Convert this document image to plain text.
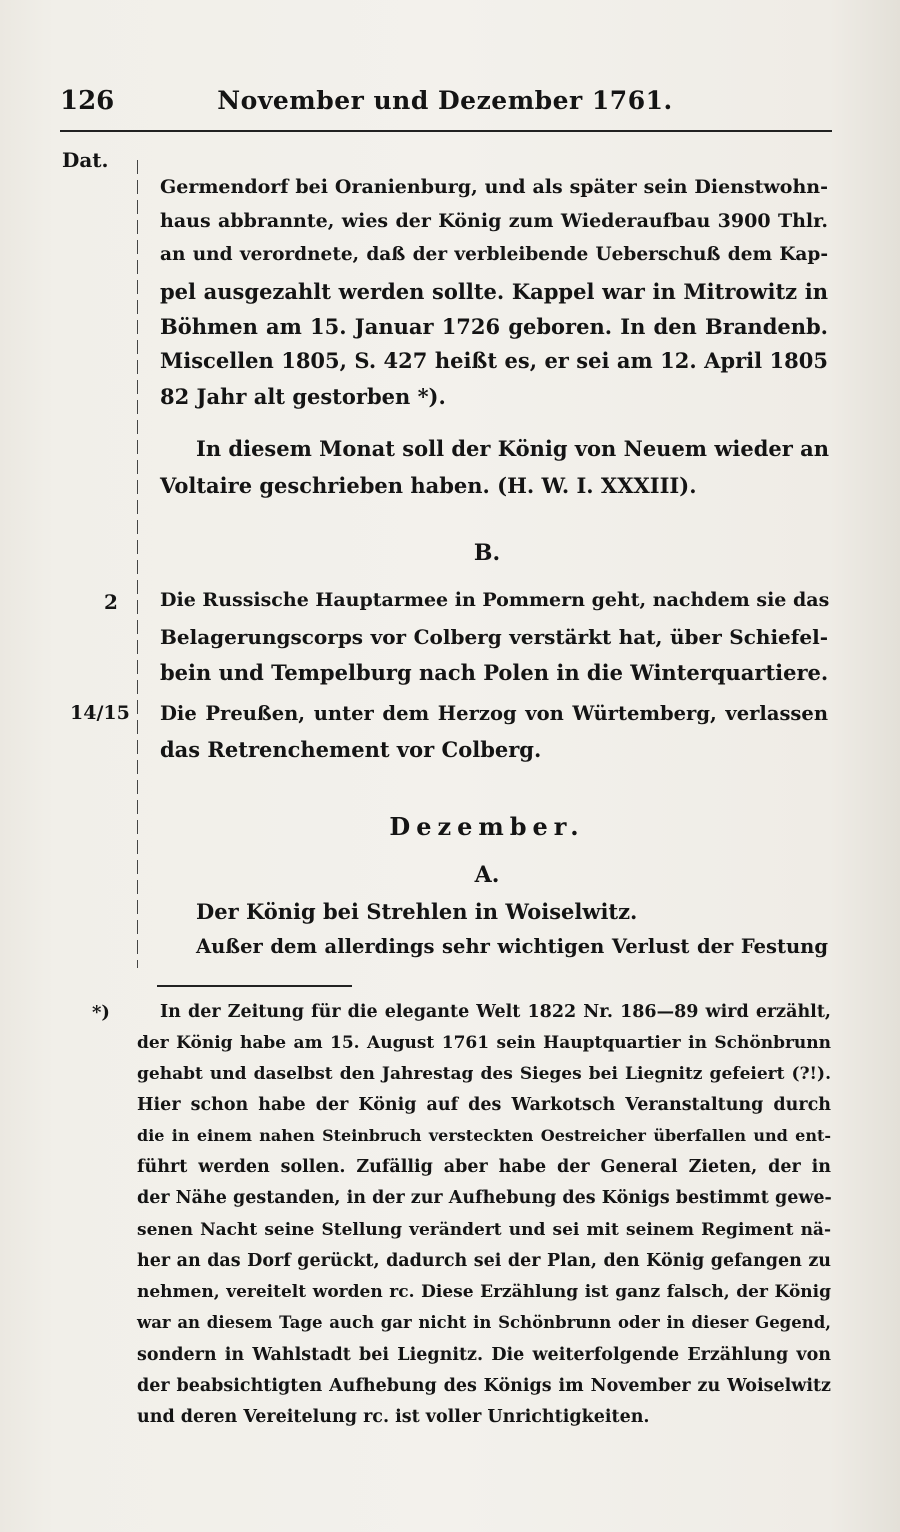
126	November und Dezember 1761.
Dat.
Germendorf bei Oranienburg, und als später sein Dienstwohn-
haus abbrannte, wies der König zum Wiederaufbau 3900 Thlr.
an und verordnete, daß der verbleibende Ueberschuß dem Kap-
pel ausgezahlt werden sollte. Kappel war in Mitrowitz in
Böhmen am 15. Januar 1726 geboren. In den Brandenb.
Miscellen 1805, S. 427 heißt es, er sei am 12. April 1805
82 Jahr alt gestorben *).
In diesem Monat soll der König von Neuem wieder an
Voltaire geschrieben haben. (H. W. I. XXXIII).
B.
2 Die Russische Hauptarmee in Pommern geht, nachdem sie das
Belagerungscorps vor Colberg verstärkt hat, über Schiefel-
bein und Tempelburg nach Polen in die Winterquartiere.
14/15 Die Preußen, unter dem Herzog von Würtemberg, verlassen
das Retrenchement vor Colberg.
Dezember.
A.
Der König bei Strehlen in Woiselwitz.
Außer dem allerdings sehr wichtigen Verlust der Festung
*)	In der Zeitung für die elegante Welt 1822 Nr. 186—89 wird erzählt,
der König habe am 15. August 1761 sein Hauptquartier in Schönbrunn
gehabt und daselbst den Jahrestag des Sieges bei Liegnitz gefeiert (?!).
Hier schon habe der König auf des Warkotsch Veranstaltung durch
die in einem nahen Steinbruch versteckten Oestreicher überfallen und ent-
führt werden sollen. Zufällig aber habe der General Zieten, der in
der Nähe gestanden, in der zur Aufhebung des Königs bestimmt gewe-
senen Nacht seine Stellung verändert und sei mit seinem Regiment nä-
her an das Dorf gerückt, dadurch sei der Plan, den König gefangen zu
nehmen, vereitelt worden rc. Diese Erzählung ist ganz falsch, der König
war an diesem Tage auch gar nicht in Schönbrunn oder in dieser Gegend,
sondern in Wahlstadt bei Liegnitz. Die weiterfolgende Erzählung von
der beabsichtigten Aufhebung des Königs im November zu Woiselwitz
und deren Vereitelung rc. ist voller Unrichtigkeiten.
